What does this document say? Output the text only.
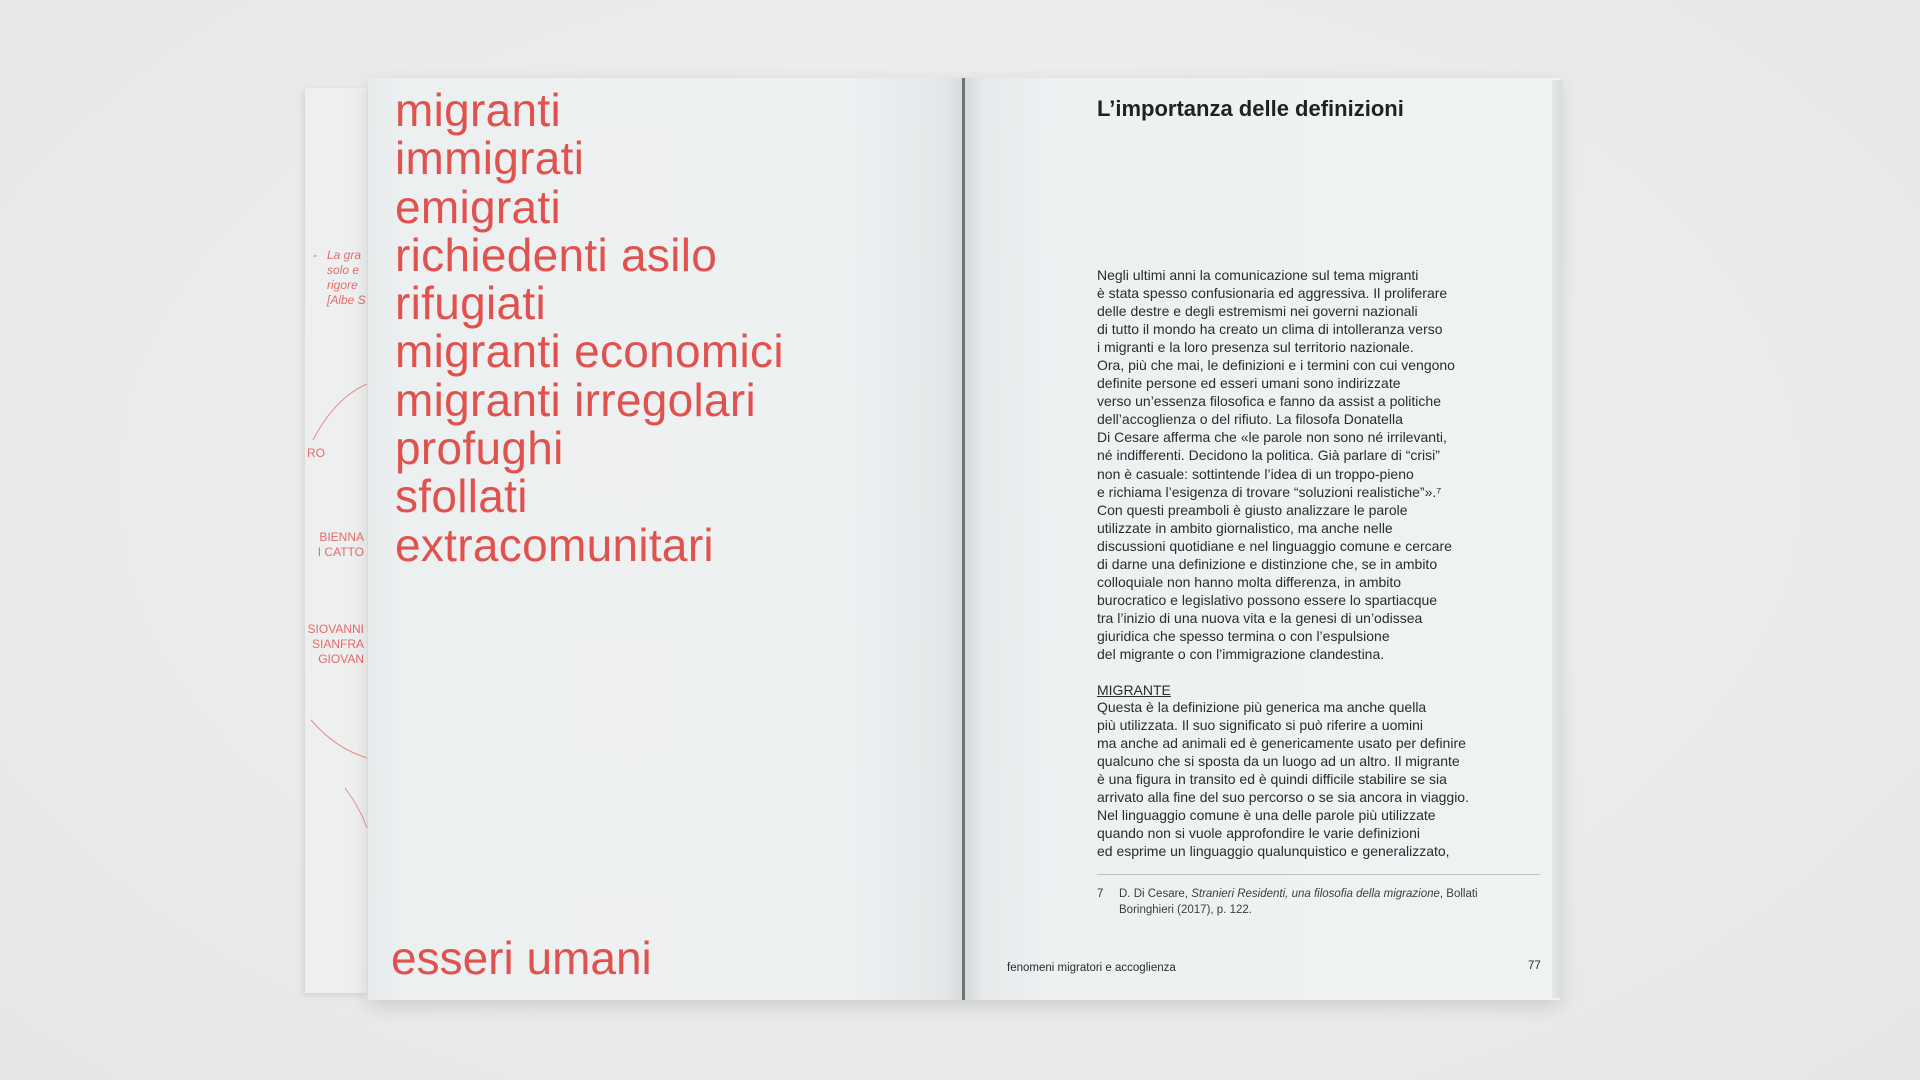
- La gra
solo e
rigore
[Albe S
RO
BIENNA
I CATTO
SIOVANNI
SIANFRA
GIOVAN
migranti
immigrati
emigrati
richiedenti asilo
rifugiati
migranti economici
migranti irregolari
profughi
sfollati
extracomunitari
esseri umani
L’importanza delle definizioni
Negli ultimi anni la comunicazione sul tema migranti
è stata spesso confusionaria ed aggressiva. Il proliferare
delle destre e degli estremismi nei governi nazionali
di tutto il mondo ha creato un clima di intolleranza verso
i migranti e la loro presenza sul territorio nazionale.
Ora, più che mai, le definizioni e i termini con cui vengono
definite persone ed esseri umani sono indirizzate
verso un’essenza filosofica e fanno da assist a politiche
dell’accoglienza o del rifiuto. La filosofa Donatella
Di Cesare afferma che «le parole non sono né irrilevanti,
né indifferenti. Decidono la politica. Già parlare di “crisi”
non è casuale: sottintende l’idea di un troppo-pieno
e richiama l’esigenza di trovare “soluzioni realistiche”».⁷
Con questi preamboli è giusto analizzare le parole
utilizzate in ambito giornalistico, ma anche nelle
discussioni quotidiane e nel linguaggio comune e cercare
di darne una definizione e distinzione che, se in ambito
colloquiale non hanno molta differenza, in ambito
burocratico e legislativo possono essere lo spartiacque
tra l’inizio di una nuova vita e la genesi di un’odissea
giuridica che spesso termina o con l’espulsione
del migrante o con l’immigrazione clandestina.
MIGRANTE
Questa è la definizione più generica ma anche quella
più utilizzata. Il suo significato si può riferire a uomini
ma anche ad animali ed è genericamente usato per definire
qualcuno che si sposta da un luogo ad un altro. Il migrante
è una figura in transito ed è quindi difficile stabilire se sia
arrivato alla fine del suo percorso o se sia ancora in viaggio.
Nel linguaggio comune è una delle parole più utilizzate
quando non si vuole approfondire le varie definizioni
ed esprime un linguaggio qualunquistico e generalizzato,
7 D. Di Cesare, Stranieri Residenti, una filosofia della migrazione, Bollati
Boringhieri (2017), p. 122.
fenomeni migratori e accoglienza	77
